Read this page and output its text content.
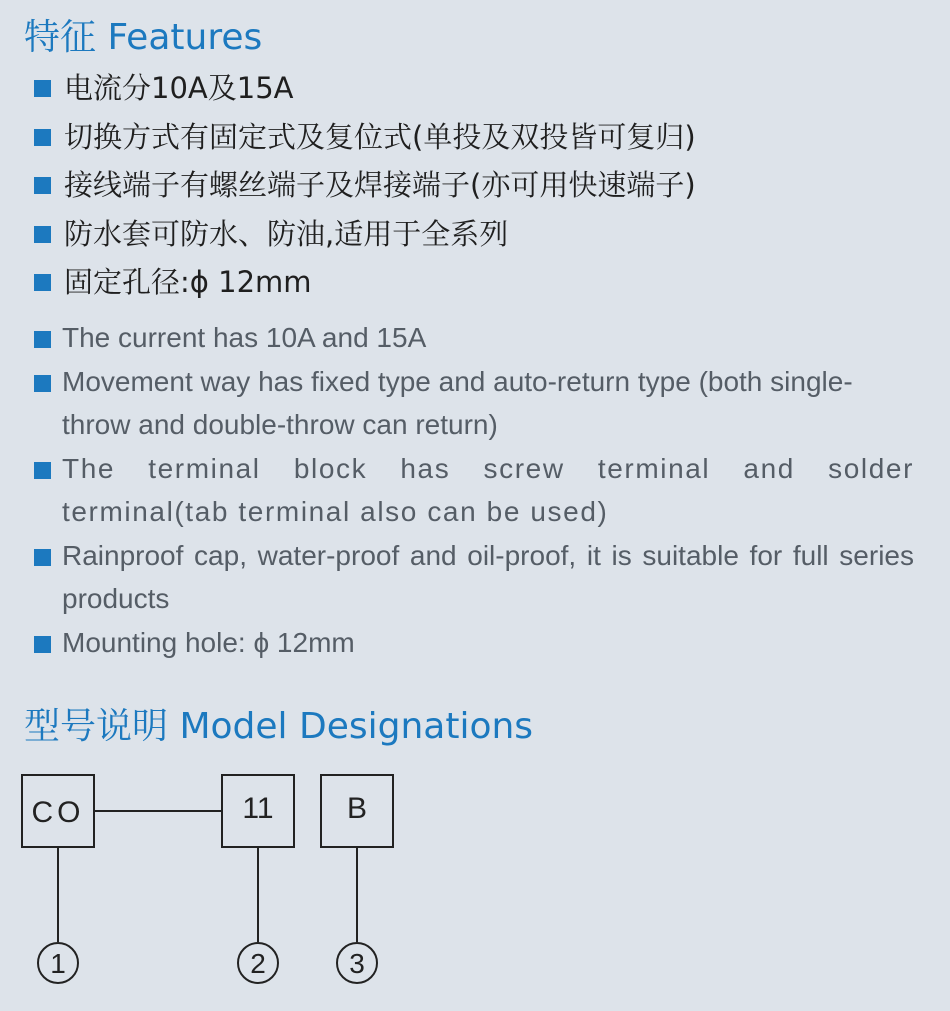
特征 Features
电流分10A及15A
切换方式有固定式及复位式(单投及双投皆可复归)
接线端子有螺丝端子及焊接端子(亦可用快速端子)
防水套可防水、防油,适用于全系列
固定孔径:ϕ 12mm
The current has 10A and 15A
Movement way has fixed type and auto-return type (both single-throw and double-throw can return)
The terminal block has screw terminal and solder terminal(tab terminal also can be used)
Rainproof cap, water-proof and oil-proof, it is suitable for full series products
Mounting hole: ϕ 12mm
型号说明 Model Designations
CO	11 B
1	2	3
